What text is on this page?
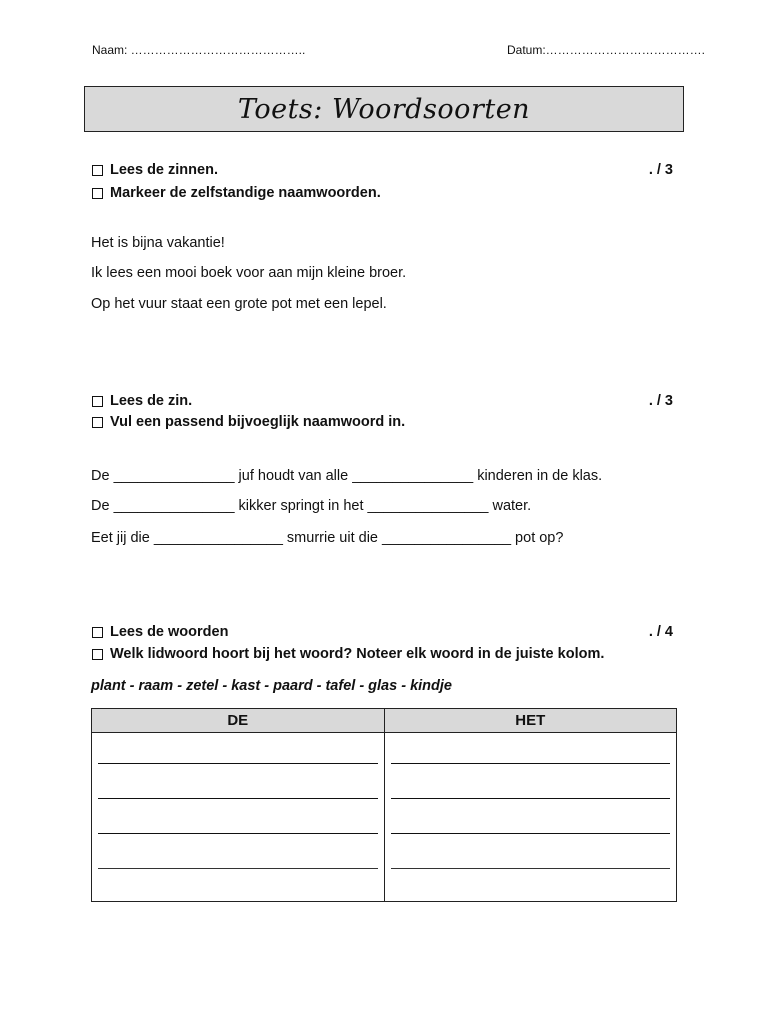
Naam: ……………………………………..	Datum:………………………………….
Toets: Woordsoorten
Lees de zinnen.	. / 3
Markeer de zelfstandige naamwoorden.
Het is bijna vakantie!
Ik lees een mooi boek voor aan mijn kleine broer.
Op het vuur staat een grote pot met een lepel.
Lees de zin.	. / 3
Vul een passend bijvoeglijk naamwoord in.
De _______________ juf houdt van alle _______________ kinderen in de klas.
De _______________ kikker springt in het _______________ water.
Eet jij die ________________ smurrie uit die ________________ pot op?
Lees de woorden	. / 4
Welk lidwoord hoort bij het woord? Noteer elk woord in de juiste kolom.
plant - raam - zetel - kast - paard - tafel - glas - kindje
DE	HET
